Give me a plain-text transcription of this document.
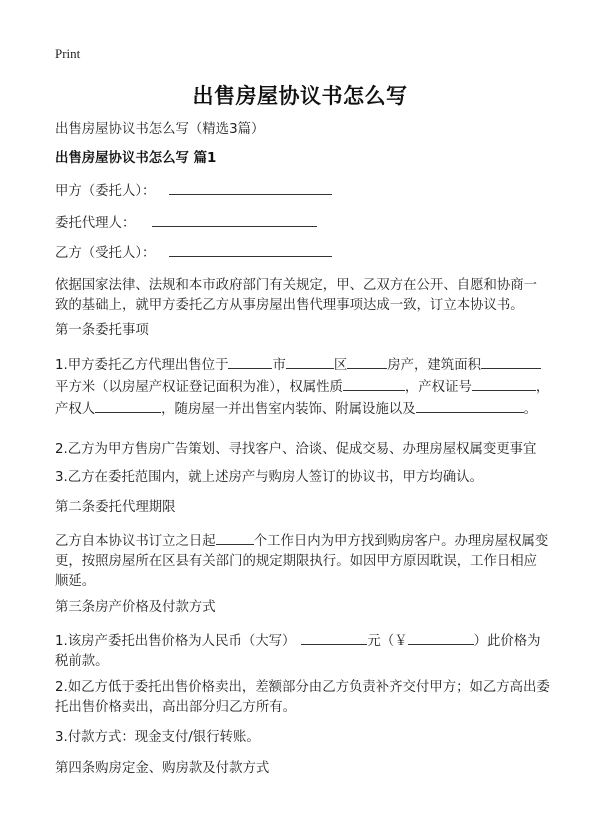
Print
出售房屋协议书怎么写
出售房屋协议书怎么写（精选3篇）
出售房屋协议书怎么写 篇1
甲方（委托人）：
委托代理人：
乙方（受托人）：
依据国家法律、法规和本市政府部门有关规定，甲、乙双方在公开、自愿和协商一致的基础上，就甲方委托乙方从事房屋出售代理事项达成一致，订立本协议书。
第一条委托事项
1.甲方委托乙方代理出售位于	市	区	房产，建筑面积平方米（以房屋产权证登记面积为准），权属性质	，产权证号	，产权人	，随房屋一并出售室内装饰、附属设施以及	。
2.乙方为甲方售房广告策划、寻找客户、洽谈、促成交易、办理房屋权属变更事宜
3.乙方在委托范围内，就上述房产与购房人签订的协议书，甲方均确认。
第二条委托代理期限
乙方自本协议书订立之日起	个工作日内为甲方找到购房客户。办理房屋权属变更，按照房屋所在区县有关部门的规定期限执行。如因甲方原因耽误，工作日相应顺延。
第三条房产价格及付款方式
1.该房产委托出售价格为人民币（大写）	元（￥	）此价格为税前款。
2.如乙方低于委托出售价格卖出，差额部分由乙方负责补齐交付甲方；如乙方高出委托出售价格卖出，高出部分归乙方所有。
3.付款方式：现金支付/银行转账。
第四条购房定金、购房款及付款方式
